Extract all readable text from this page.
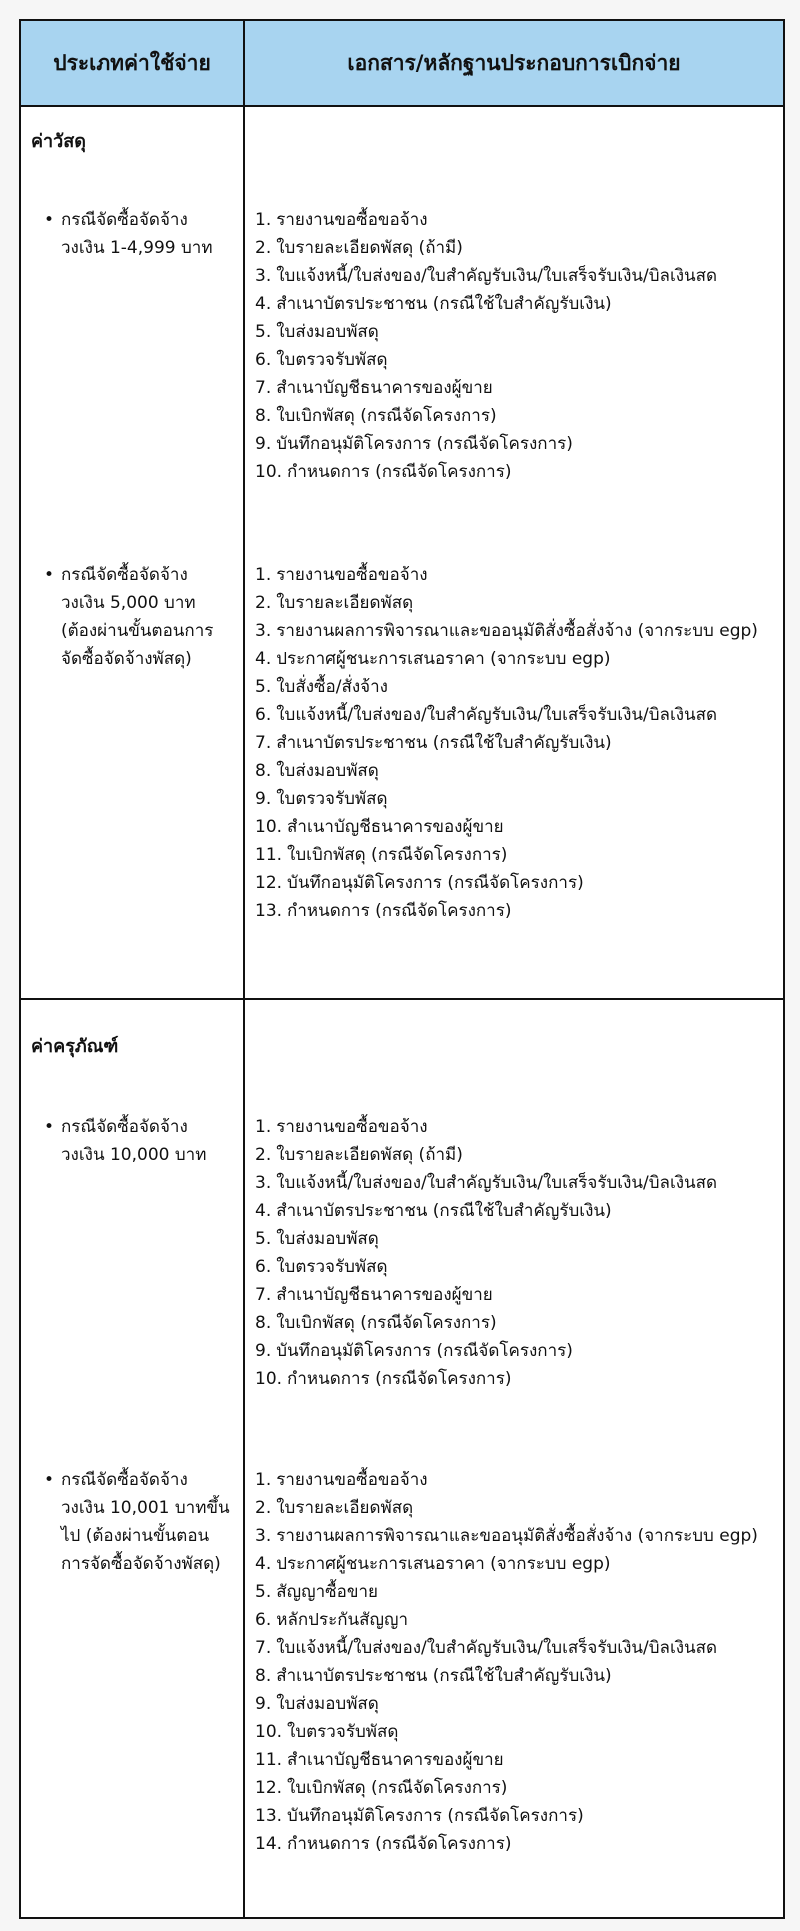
ประเภทค่าใช้จ่าย	เอกสาร/หลักฐานประกอบการเบิกจ่าย
ค่าวัสดุ
• กรณีจัดซื้อจัดจ้าง วงเงิน 1-4,999 บาท
1. รายงานขอซื้อขอจ้าง
2. ใบรายละเอียดพัสดุ (ถ้ามี)
3. ใบแจ้งหนี้/ใบส่งของ/ใบสำคัญรับเงิน/ใบเสร็จรับเงิน/บิลเงินสด
4. สำเนาบัตรประชาชน (กรณีใช้ใบสำคัญรับเงิน)
5. ใบส่งมอบพัสดุ
6. ใบตรวจรับพัสดุ
7. สำเนาบัญชีธนาคารของผู้ขาย
8. ใบเบิกพัสดุ (กรณีจัดโครงการ)
9. บันทึกอนุมัติโครงการ (กรณีจัดโครงการ)
10. กำหนดการ (กรณีจัดโครงการ)
• กรณีจัดซื้อจัดจ้าง วงเงิน 5,000 บาท (ต้องผ่านขั้นตอนการจัดซื้อจัดจ้างพัสดุ)
1. รายงานขอซื้อขอจ้าง
2. ใบรายละเอียดพัสดุ
3. รายงานผลการพิจารณาและขออนุมัติสั่งซื้อสั่งจ้าง (จากระบบ egp)
4. ประกาศผู้ชนะการเสนอราคา (จากระบบ egp)
5. ใบสั่งซื้อ/สั่งจ้าง
6. ใบแจ้งหนี้/ใบส่งของ/ใบสำคัญรับเงิน/ใบเสร็จรับเงิน/บิลเงินสด
7. สำเนาบัตรประชาชน (กรณีใช้ใบสำคัญรับเงิน)
8. ใบส่งมอบพัสดุ
9. ใบตรวจรับพัสดุ
10. สำเนาบัญชีธนาคารของผู้ขาย
11. ใบเบิกพัสดุ (กรณีจัดโครงการ)
12. บันทึกอนุมัติโครงการ (กรณีจัดโครงการ)
13. กำหนดการ (กรณีจัดโครงการ)
ค่าครุภัณฑ์
• กรณีจัดซื้อจัดจ้าง วงเงิน 10,000 บาท
1. รายงานขอซื้อขอจ้าง
2. ใบรายละเอียดพัสดุ (ถ้ามี)
3. ใบแจ้งหนี้/ใบส่งของ/ใบสำคัญรับเงิน/ใบเสร็จรับเงิน/บิลเงินสด
4. สำเนาบัตรประชาชน (กรณีใช้ใบสำคัญรับเงิน)
5. ใบส่งมอบพัสดุ
6. ใบตรวจรับพัสดุ
7. สำเนาบัญชีธนาคารของผู้ขาย
8. ใบเบิกพัสดุ (กรณีจัดโครงการ)
9. บันทึกอนุมัติโครงการ (กรณีจัดโครงการ)
10. กำหนดการ (กรณีจัดโครงการ)
• กรณีจัดซื้อจัดจ้าง วงเงิน 10,001 บาทขึ้นไป (ต้องผ่านขั้นตอนการจัดซื้อจัดจ้างพัสดุ)
1. รายงานขอซื้อขอจ้าง
2. ใบรายละเอียดพัสดุ
3. รายงานผลการพิจารณาและขออนุมัติสั่งซื้อสั่งจ้าง (จากระบบ egp)
4. ประกาศผู้ชนะการเสนอราคา (จากระบบ egp)
5. สัญญาซื้อขาย
6. หลักประกันสัญญา
7. ใบแจ้งหนี้/ใบส่งของ/ใบสำคัญรับเงิน/ใบเสร็จรับเงิน/บิลเงินสด
8. สำเนาบัตรประชาชน (กรณีใช้ใบสำคัญรับเงิน)
9. ใบส่งมอบพัสดุ
10. ใบตรวจรับพัสดุ
11. สำเนาบัญชีธนาคารของผู้ขาย
12. ใบเบิกพัสดุ (กรณีจัดโครงการ)
13. บันทึกอนุมัติโครงการ (กรณีจัดโครงการ)
14. กำหนดการ (กรณีจัดโครงการ)
